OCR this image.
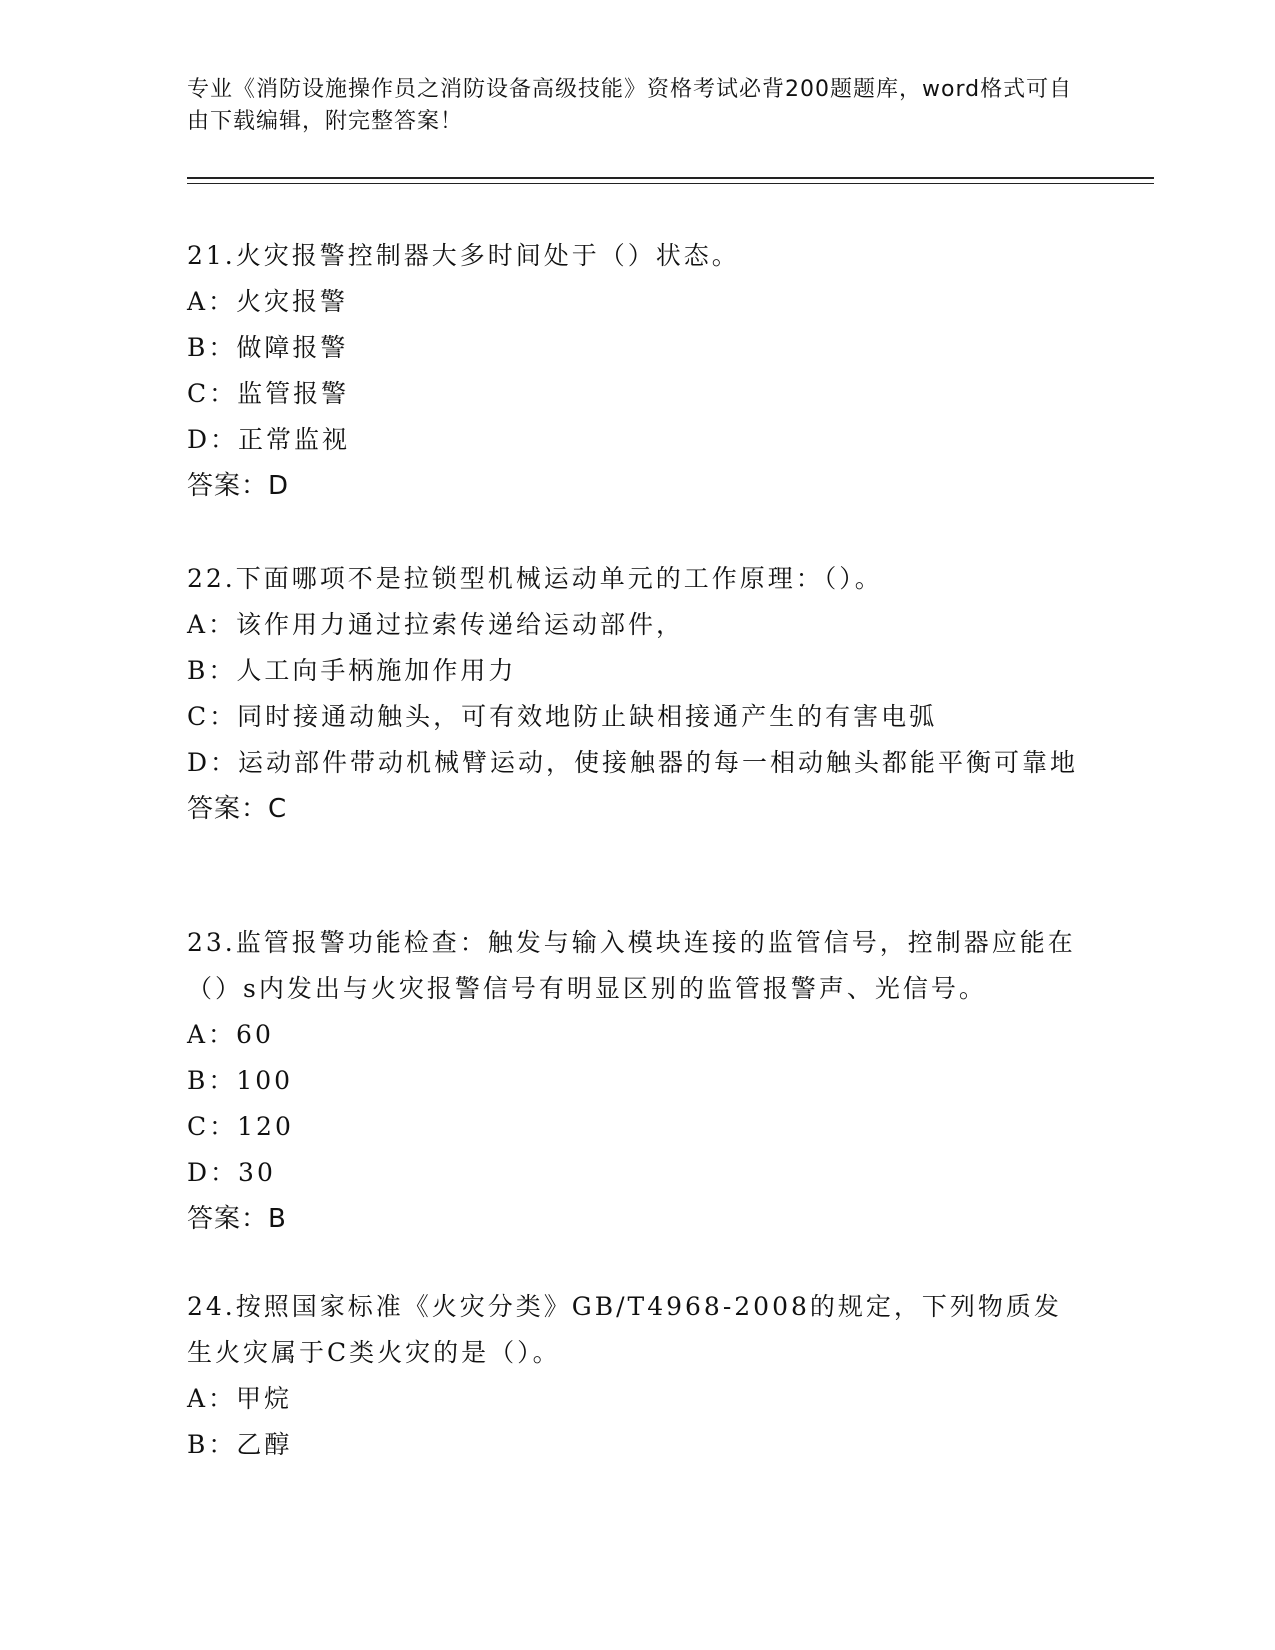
专业《消防设施操作员之消防设备高级技能》资格考试必背200题题库，word格式可自由下载编辑，附完整答案！

21.火灾报警控制器大多时间处于（）状态。

A：火灾报警

B：做障报警

C：监管报警

D：正常监视

答案：D

22.下面哪项不是拉锁型机械运动单元的工作原理：（）。

A：该作用力通过拉索传递给运动部件，

B：人工向手柄施加作用力

C：同时接通动触头，可有效地防止缺相接通产生的有害电弧

D：运动部件带动机械臂运动，使接触器的每一相动触头都能平衡可靠地

答案：C

23.监管报警功能检查：触发与输入模块连接的监管信号，控制器应能在（）s内发出与火灾报警信号有明显区别的监管报警声、光信号。

A：60

B：100

C：120

D：30

答案：B

24.按照国家标准《火灾分类》GB/T4968-2008的规定，下列物质发生火灾属于C类火灾的是（）。

A：甲烷

B：乙醇
